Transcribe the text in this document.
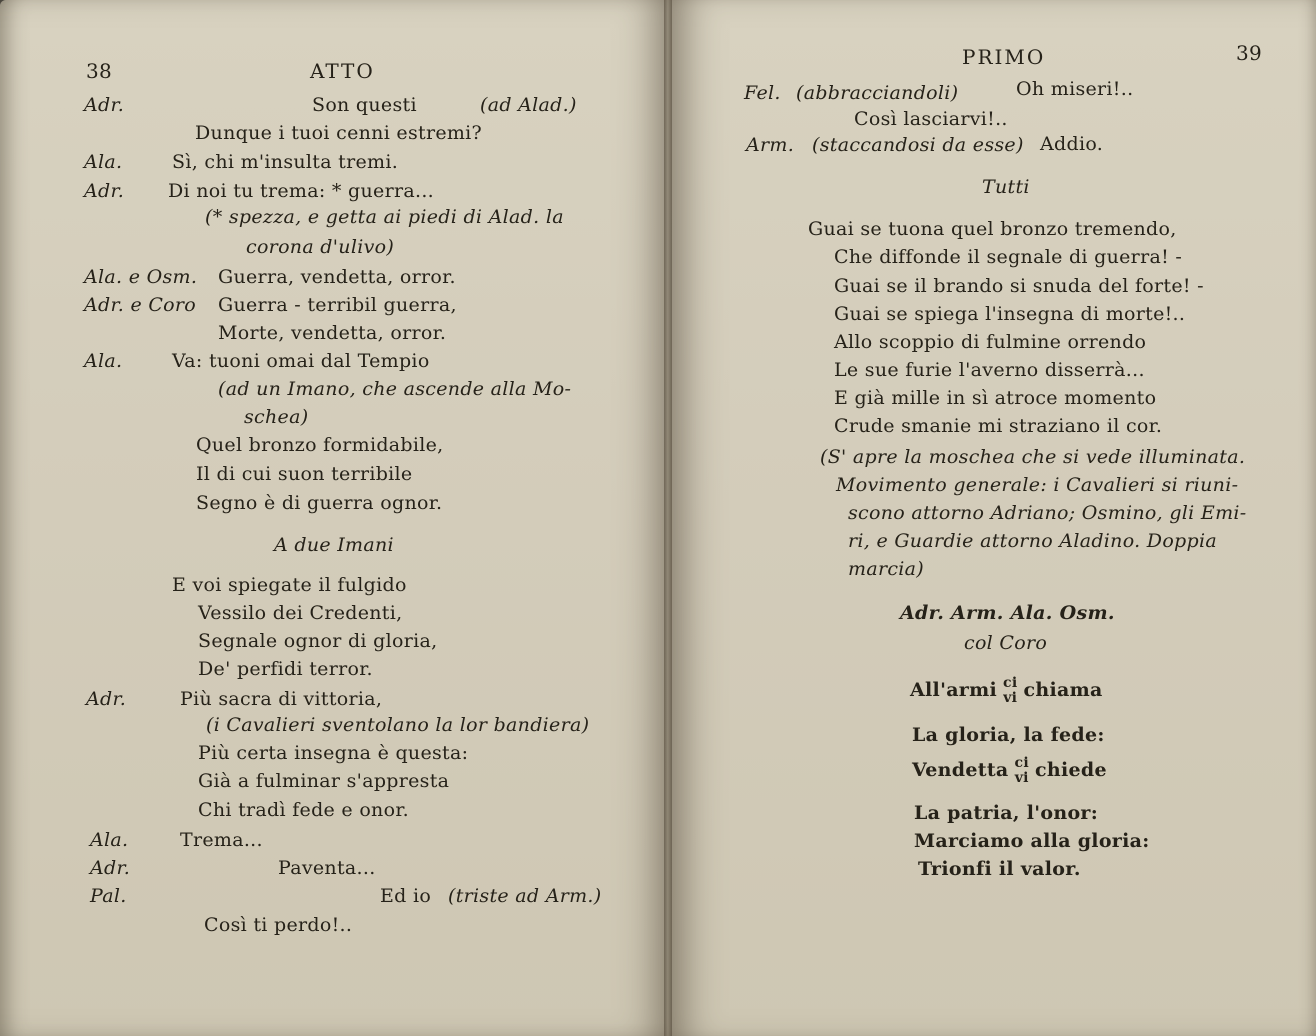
38	ATTO
Adr.	Son questi	(ad Alad.)
Dunque i tuoi cenni estremi?
Ala.	Sì, chi m'insulta tremi.
Adr. Di noi tu trema: * guerra...
(* spezza, e getta ai piedi di Alad. la
corona d'ulivo)
Ala. e Osm. Guerra, vendetta, orror.
Adr. e Coro Guerra - terribil guerra,
Morte, vendetta, orror.
Ala.	Va: tuoni omai dal Tempio
(ad un Imano, che ascende alla Mo-
schea)
Quel bronzo formidabile,
Il di cui suon terribile
Segno è di guerra ognor.
A due Imani
E voi spiegate il fulgido
Vessilo dei Credenti,
Segnale ognor di gloria,
De' perfidi terror.
Adr.	Più sacra di vittoria,
(i Cavalieri sventolano la lor bandiera)
Più certa insegna è questa:
Già a fulminar s'appresta
Chi tradì fede e onor.
Ala.	Trema...
Adr.	Paventa...
Pal.	Ed io (triste ad Arm.)
Così ti perdo!..
PRIMO	39
Fel. (abbracciandoli)	Oh miseri!..
Così lasciarvi!..
Arm. (staccandosi da esse) Addio.
Tutti
Guai se tuona quel bronzo tremendo,
Che diffonde il segnale di guerra! -
Guai se il brando si snuda del forte! -
Guai se spiega l'insegna di morte!..
Allo scoppio di fulmine orrendo
Le sue furie l'averno disserrà...
E già mille in sì atroce momento
Crude smanie mi straziano il cor.
(S' apre la moschea che si vede illuminata.
Movimento generale: i Cavalieri si riuni-
scono attorno Adriano; Osmino, gli Emi-
ri, e Guardie attorno Aladino. Doppia
marcia)
Adr. Arm. Ala. Osm.
col Coro
All'armi ci
vi chiama
La gloria, la fede:
Vendetta ci
vi chiede
La patria, l'onor:
Marciamo alla gloria:
Trionfi il valor.
